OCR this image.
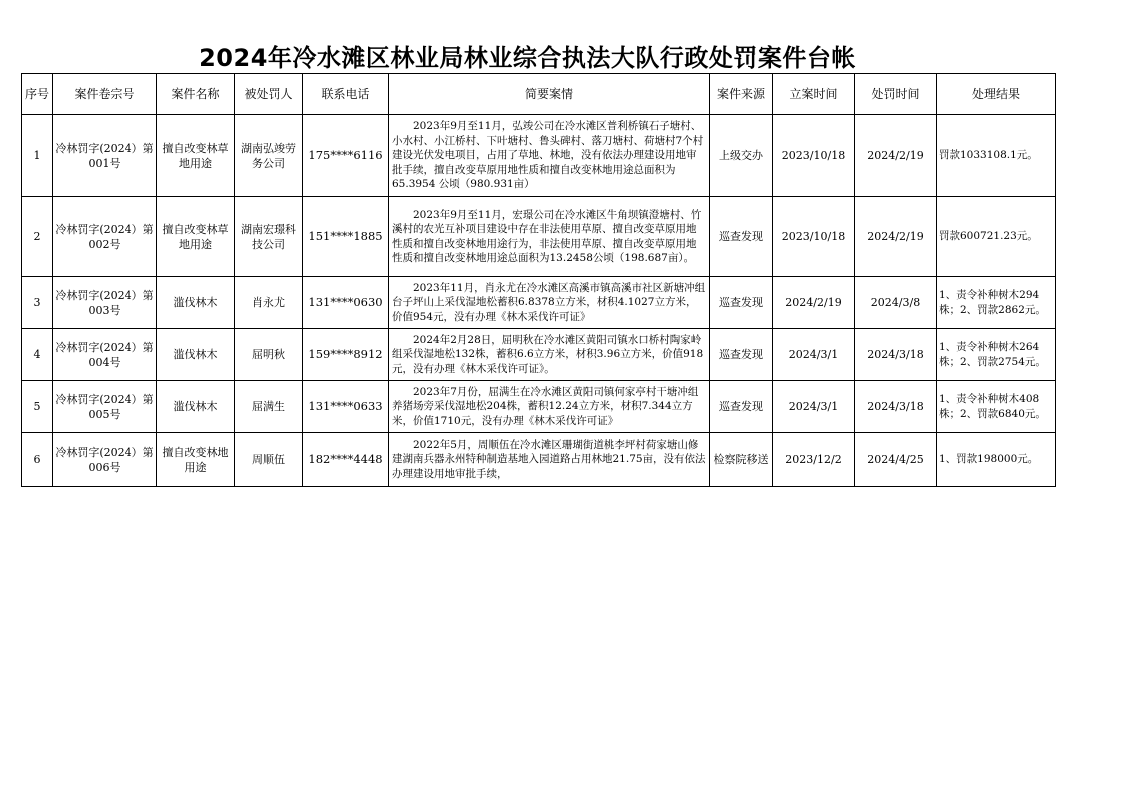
2024年冷水滩区林业局林业综合执法大队行政处罚案件台帐
序号	案件卷宗号	案件名称	被处罚人	联系电话	简要案情	案件来源	立案时间	处罚时间	处理结果
1	冷林罚字(2024）第001号	擅自改变林草地用途	湖南弘竣劳务公司	175****6116	2023年9月至11月，弘竣公司在冷水滩区普利桥镇石子塘村、小水村、小江桥村、下叶塘村、鲁头碑村、落刀塘村、荷塘村7个村建设光伏发电项目，占用了草地、林地，没有依法办理建设用地审批手续，擅自改变草原用地性质和擅自改变林地用途总面积为65.3954 公顷（980.931亩）	上级交办	2023/10/18	2024/2/19	罚款1033108.1元。
2	冷林罚字(2024）第002号	擅自改变林草地用途	湖南宏璟科技公司	151****1885	2023年9月至11月，宏璟公司在冷水滩区牛角坝镇澄塘村、竹溪村的农光互补项目建设中存在非法使用草原、擅自改变草原用地性质和擅自改变林地用途行为，非法使用草原、擅自改变草原用地性质和擅自改变林地用途总面积为13.2458公顷（198.687亩）。	巡查发现	2023/10/18	2024/2/19	罚款600721.23元。
3	冷林罚字(2024）第003号	滥伐林木	肖永尤	131****0630	2023年11月，肖永尤在冷水滩区高溪市镇高溪市社区新塘冲组台子坪山上采伐湿地松蓄积6.8378立方米，材积4.1027立方米，价值954元，没有办理《林木采伐许可证》	巡查发现	2024/2/19	2024/3/8	1、责令补种树木294株；2、罚款2862元。
4	冷林罚字(2024）第004号	滥伐林木	屈明秋	159****8912	2024年2月28日，屈明秋在冷水滩区黄阳司镇水口桥村陶家岭组采伐湿地松132株，蓄积6.6立方米，材积3.96立方米，价值918元，没有办理《林木采伐许可证》。	巡查发现	2024/3/1	2024/3/18	1、责令补种树木264株；2、罚款2754元。
5	冷林罚字(2024）第005号	滥伐林木	屈满生	131****0633	2023年7月份，屈满生在冷水滩区黄阳司镇何家亭村干塘冲组养猪场旁采伐湿地松204株，蓄积12.24立方米，材积7.344立方米，价值1710元，没有办理《林木采伐许可证》	巡查发现	2024/3/1	2024/3/18	1、责令补种树木408株；2、罚款6840元。
6	冷林罚字(2024）第006号	擅自改变林地用途	周顺伍	182****4448	2022年5月，周顺伍在冷水滩区珊瑚街道桃李坪村荷家塘山修建湖南兵器永州特种制造基地入园道路占用林地21.75亩，没有依法办理建设用地审批手续，	检察院移送	2023/12/2	2024/4/25	1、罚款198000元。
